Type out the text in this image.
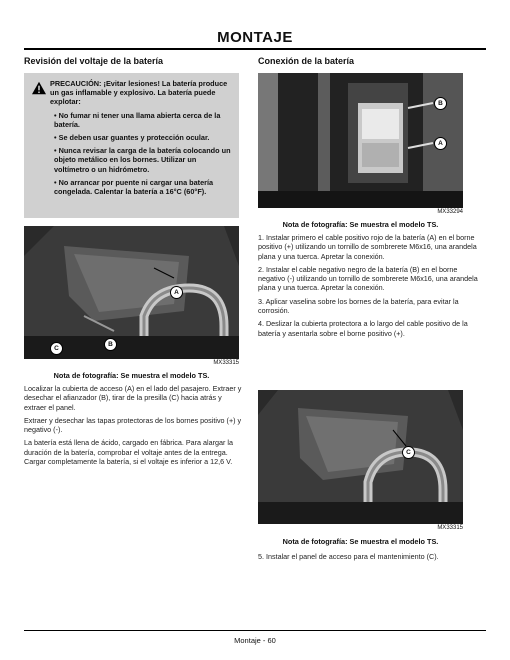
MONTAJE
Revisión del voltaje de la batería

PRECAUCIÓN: ¡Evitar lesiones! La batería produce un gas inflamable y explosivo. La batería puede explotar:

• No fumar ni tener una llama abierta cerca de la batería.

• Se deben usar guantes y protección ocular.

• Nunca revisar la carga de la batería colocando un objeto metálico en los bornes. Utilizar un voltímetro o un hidrómetro.

• No arrancar por puente ni cargar una batería congelada. Calentar la batería a 16°C (60°F).

A
B
C
MX33315
Nota de fotografía: Se muestra el modelo TS.

Localizar la cubierta de acceso (A) en el lado del pasajero. Extraer y desechar el afianzador (B), tirar de la presilla (C) hacia atrás y extraer el panel.

Extraer y desechar las tapas protectoras de los bornes positivo (+) y negativo (-).

La batería está llena de ácido, cargado en fábrica. Para alargar la duración de la batería, comprobar el voltaje antes de la entrega. Cargar completamente la batería, si el voltaje es inferior a 12,6 V.

Conexión de la batería
B
A
MX33294
Nota de fotografía: Se muestra el modelo TS.

1. Instalar primero el cable positivo rojo de la batería (A) en el borne positivo (+) utilizando un tornillo de sombrerete M6x16, una arandela plana y una tuerca. Apretar la conexión.

2. Instalar el cable negativo negro de la batería (B) en el borne negativo (-) utilizando un tornillo de sombrerete M6x16, una arandela plana y una tuerca. Apretar la conexión.

3. Aplicar vaselina sobre los bornes de la batería, para evitar la corrosión.

4. Deslizar la cubierta protectora a lo largo del cable positivo de la batería y asentarla sobre el borne positivo (+).

C
MX33315
Nota de fotografía: Se muestra el modelo TS.
5. Instalar el panel de acceso para el mantenimiento (C).
Montaje - 60
